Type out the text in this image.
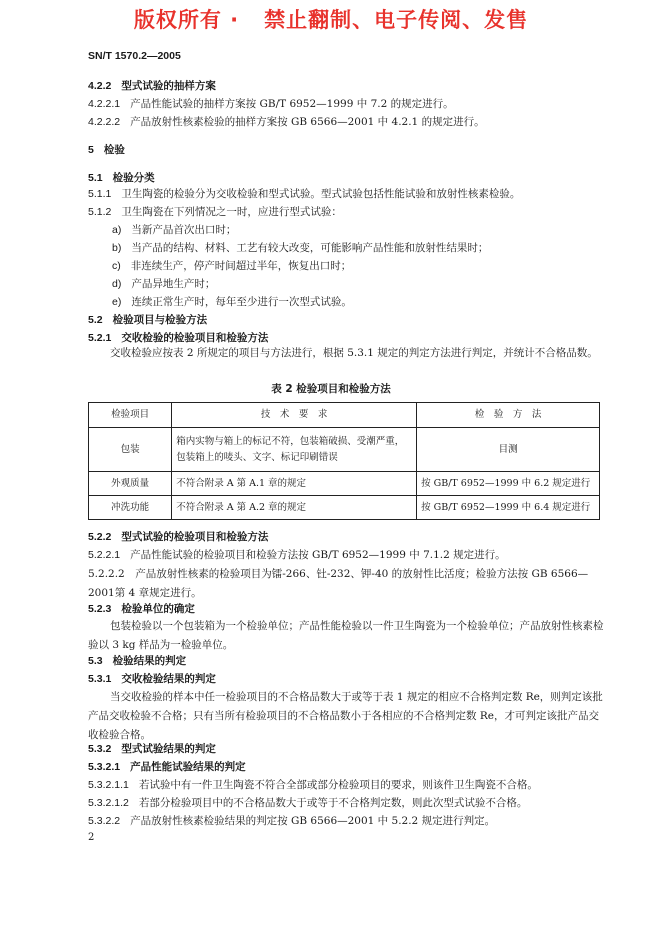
版权所有 ·   禁止翻制、电子传阅、发售
SN/T 1570.2—2005
4.2.2 型式试验的抽样方案
4.2.2.1 产品性能试验的抽样方案按 GB/T 6952—1999 中 7.2 的规定进行。
4.2.2.2 产品放射性核素检验的抽样方案按 GB 6566—2001 中 4.2.1 的规定进行。
5 检验
5.1 检验分类
5.1.1 卫生陶瓷的检验分为交收检验和型式试验。型式试验包括性能试验和放射性核素检验。
5.1.2 卫生陶瓷在下列情况之一时，应进行型式试验：
a) 当新产品首次出口时；
b) 当产品的结构、材料、工艺有较大改变，可能影响产品性能和放射性结果时；
c) 非连续生产，停产时间超过半年，恢复出口时；
d) 产品异地生产时；
e) 连续正常生产时，每年至少进行一次型式试验。
5.2 检验项目与检验方法
5.2.1 交收检验的检验项目和检验方法
交收检验应按表 2 所规定的项目与方法进行，根据 5.3.1 规定的判定方法进行判定，并统计不合格品数。
表 2 检验项目和检验方法
检验项目	技　术　要　求	检　验　方　法
包装	箱内实物与箱上的标记不符，包装箱破损、受潮严重，包装箱上的唛头、文字、标记印刷错误	目测
外观质量	不符合附录 A 第 A.1 章的规定	按 GB/T 6952—1999 中 6.2 规定进行
冲洗功能	不符合附录 A 第 A.2 章的规定	按 GB/T 6952—1999 中 6.4 规定进行
5.2.2 型式试验的检验项目和检验方法
5.2.2.1 产品性能试验的检验项目和检验方法按 GB/T 6952—1999 中 7.1.2 规定进行。
5.2.2.2　产品放射性核素的检验项目为镭-266、钍-232、钾-40 的放射性比活度；检验方法按 GB 6566—2001第 4 章规定进行。
5.2.3 检验单位的确定
包装检验以一个包装箱为一个检验单位；产品性能检验以一件卫生陶瓷为一个检验单位；产品放射性核素检验以 3 kg 样品为一检验单位。
5.3 检验结果的判定
5.3.1 交收检验结果的判定
当交收检验的样本中任一检验项目的不合格品数大于或等于表 1 规定的相应不合格判定数 Re，则判定该批产品交收检验不合格；只有当所有检验项目的不合格品数小于各相应的不合格判定数 Re，才可判定该批产品交收检验合格。
5.3.2 型式试验结果的判定
5.3.2.1 产品性能试验结果的判定
5.3.2.1.1 若试验中有一件卫生陶瓷不符合全部或部分检验项目的要求，则该件卫生陶瓷不合格。
5.3.2.1.2 若部分检验项目中的不合格品数大于或等于不合格判定数，则此次型式试验不合格。
5.3.2.2 产品放射性核素检验结果的判定按 GB 6566—2001 中 5.2.2 规定进行判定。
2
